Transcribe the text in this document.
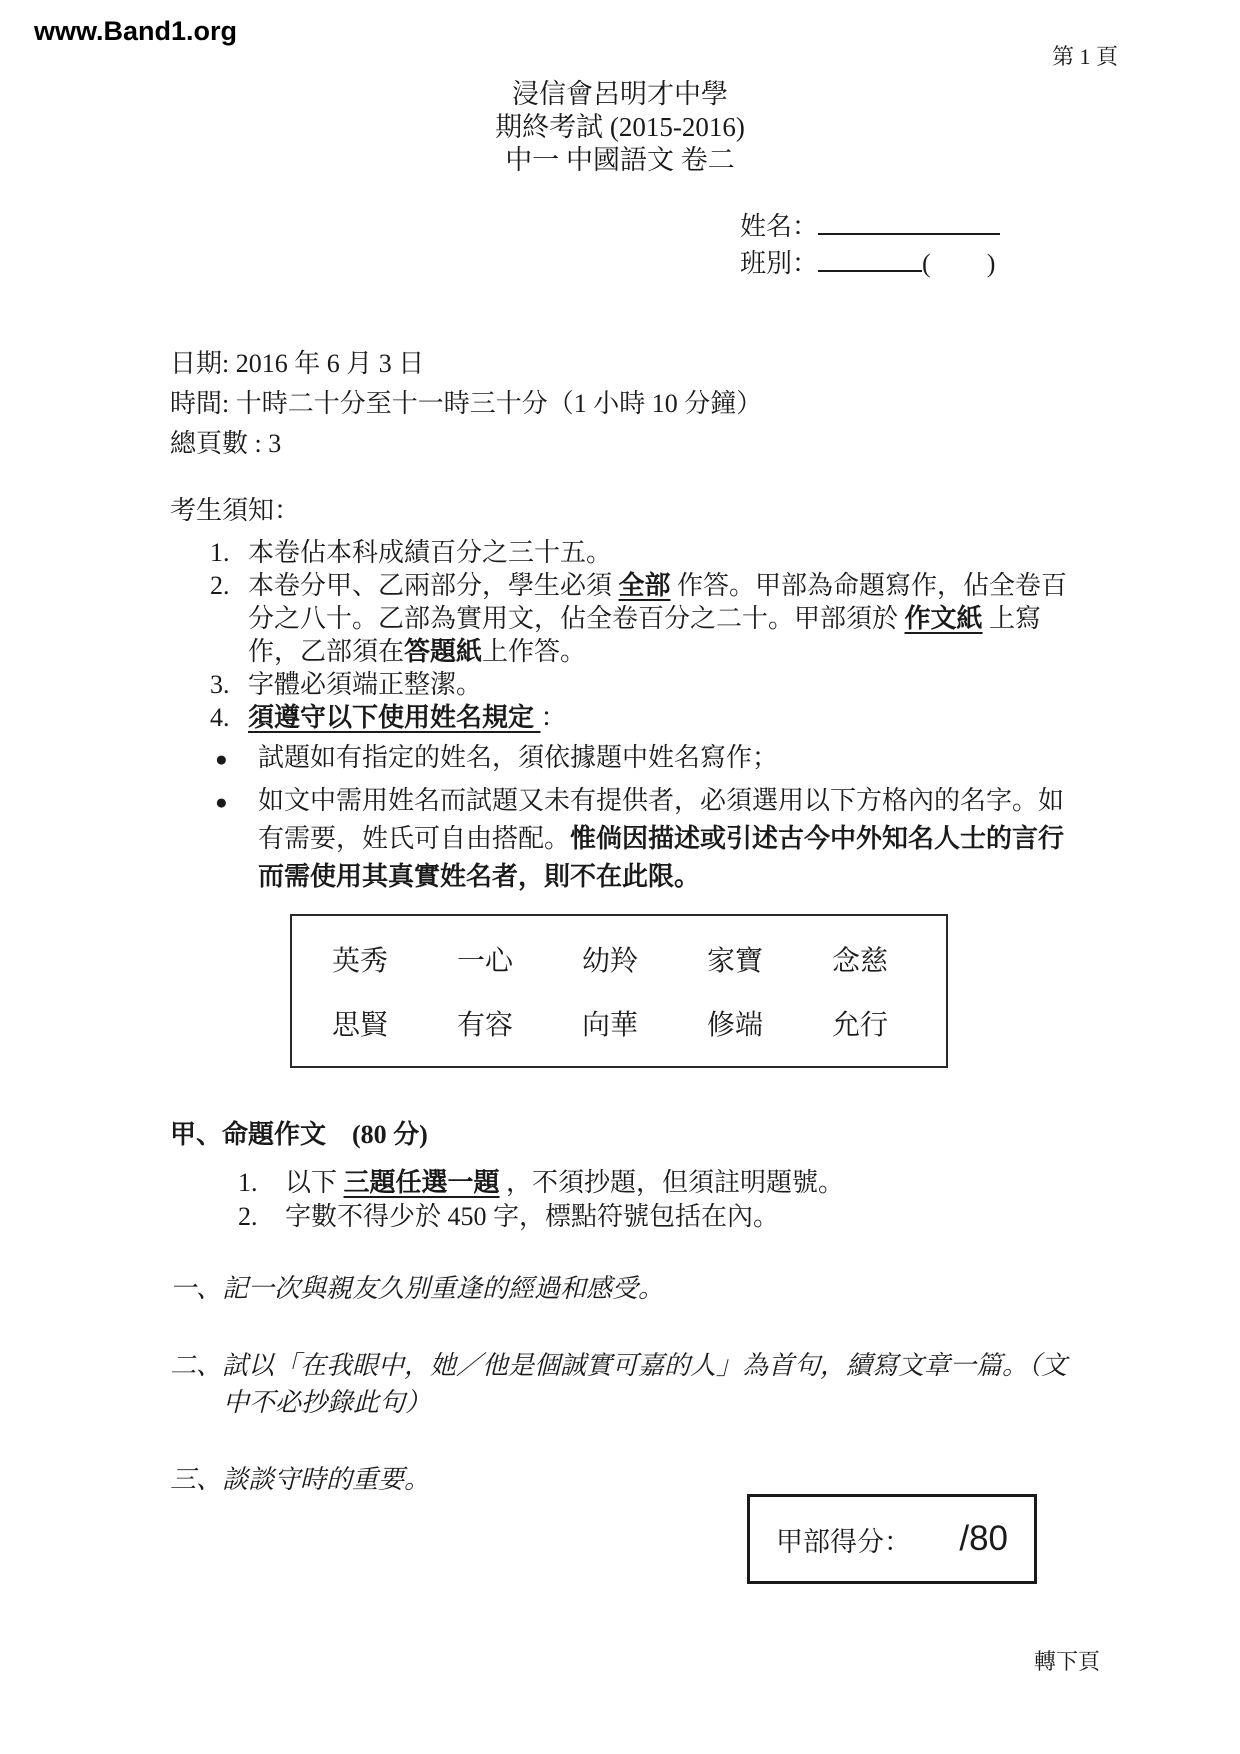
www.Band1.org
第 1 頁
浸信會呂明才中學
期終考試 (2015-2016)
中一 中國語文 卷二
姓名：
班別：	( )
日期: 2016 年 6 月 3 日
時間: 十時二十分至十一時三十分（1 小時 10 分鐘）
總頁數 : 3
考生須知：
1. 本卷佔本科成績百分之三十五。
2. 本卷分甲、乙兩部分，學生必須 全部 作答。甲部為命題寫作，佔全卷百分之八十。乙部為實用文，佔全卷百分之二十。甲部須於 作文紙 上寫作，乙部須在答題紙上作答。
3. 字體必須端正整潔。
4. 須遵守以下使用姓名規定 ：
● 試題如有指定的姓名，須依據題中姓名寫作；
● 如文中需用姓名而試題又未有提供者，必須選用以下方格內的名字。如有需要，姓氏可自由搭配。惟倘因描述或引述古今中外知名人士的言行而需使用其真實姓名者，則不在此限。
英秀 一心 幼羚 家寶 念慈
思賢 有容 向華 修端 允行
甲、命題作文　(80 分)
1. 以下 三題任選一題 ，不須抄題，但須註明題號。
2. 字數不得少於 450 字，標點符號包括在內。
一、記一次與親友久別重逢的經過和感受。
二、試以「在我眼中，她／他是個誠實可嘉的人」為首句，續寫文章一篇。（文中不必抄錄此句）
三、談談守時的重要。
甲部得分： /80
轉下頁
